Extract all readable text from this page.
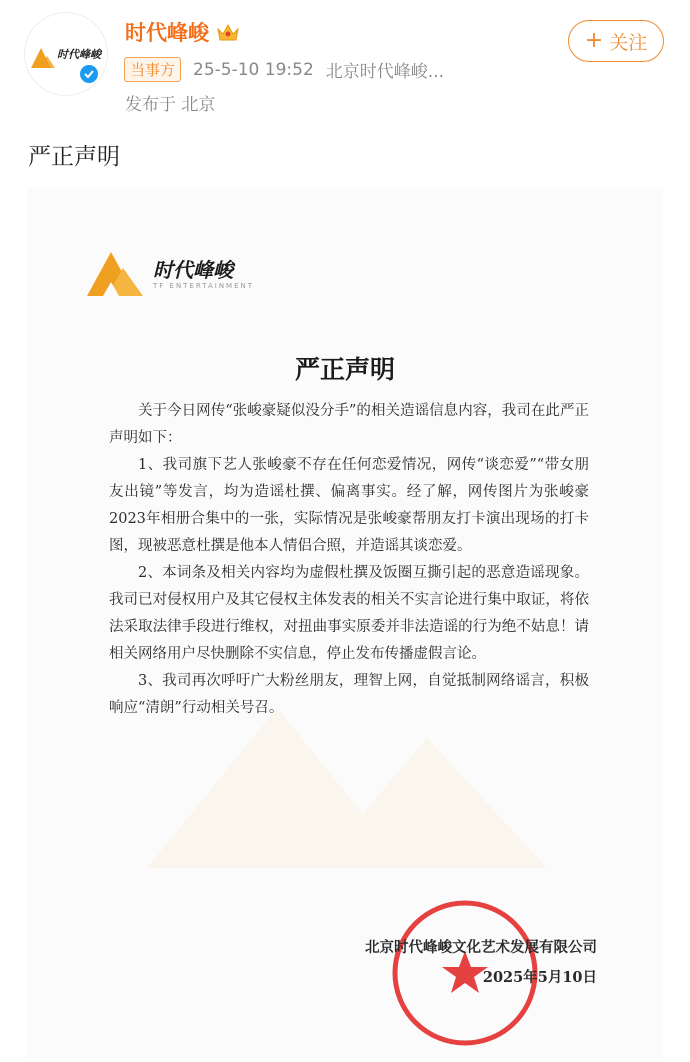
时代峰峻
时代峰峻
当事方	25-5-10 19:52 北京时代峰峻...
发布于 北京
+ 关注
严正声明
时代峰峻
TF ENTERTAINMENT
严正声明

关于今日网传“张峻豪疑似没分手”的相关造谣信息内容，我司在此严正声明如下：

1、我司旗下艺人张峻豪不存在任何恋爱情况，网传“谈恋爱”“带女朋友出镜”等发言，均为造谣杜撰、偏离事实。经了解，网传图片为张峻豪2023年相册合集中的一张，实际情况是张峻豪帮朋友打卡演出现场的打卡图，现被恶意杜撰是他本人情侣合照，并造谣其谈恋爱。

2、本词条及相关内容均为虚假杜撰及饭圈互撕引起的恶意造谣现象。我司已对侵权用户及其它侵权主体发表的相关不实言论进行集中取证，将依法采取法律手段进行维权，对扭曲事实原委并非法造谣的行为绝不姑息！请相关网络用户尽快删除不实信息，停止发布传播虚假言论。

3、我司再次呼吁广大粉丝朋友，理智上网，自觉抵制网络谣言，积极响应“清朗”行动相关号召。

北京时代峰峻文化艺术发展有限公司
2025年5月10日
